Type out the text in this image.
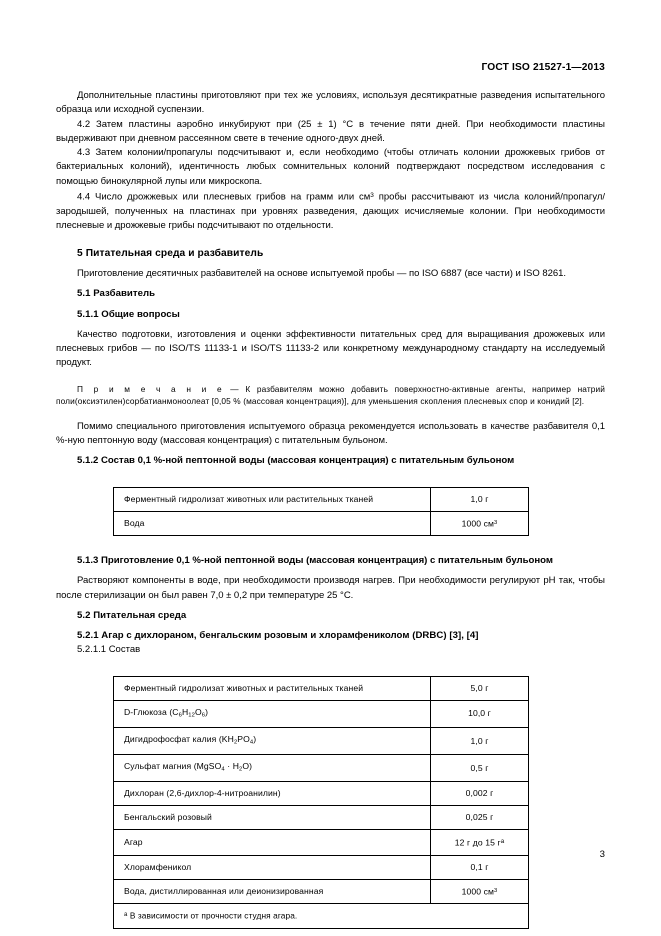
ГОСТ ISO 21527-1—2013

Дополнительные пластины приготовляют при тех же условиях, используя десятикратные разведения испытательного образца или исходной суспензии.

4.2 Затем пластины аэробно инкубируют при (25 ± 1) °C в течение пяти дней. При необходимости пластины выдерживают при дневном рассеянном свете в течение одного-двух дней.

4.3 Затем колонии/пропагулы подсчитывают и, если необходимо (чтобы отличать колонии дрожжевых грибов от бактериальных колоний), идентичность любых сомнительных колоний подтверждают посредством исследования с помощью бинокулярной лупы или микроскопа.

4.4 Число дрожжевых или плесневых грибов на грамм или $см^3$ пробы рассчитывают из числа колоний/пропагул/зародышей, полученных на пластинах при уровнях разведения, дающих исчисляемые колонии. При необходимости плесневые и дрожжевые грибы подсчитывают по отдельности.

5 Питательная среда и разбавитель

Приготовление десятичных разбавителей на основе испытуемой пробы — по ISO 6887 (все части) и ISO 8261.

5.1 Разбавитель
5.1.1 Общие вопросы

Качество подготовки, изготовления и оценки эффективности питательных сред для выращивания дрожжевых или плесневых грибов — по ISO/TS 11133-1 и ISO/TS 11133-2 или конкретному международному стандарту на исследуемый продукт.

П р и м е ч а н и е — К разбавителям можно добавить поверхностно-активные агенты, например натрий поли(оксиэтилен)сорбатианмоноолеат [0,05 % (массовая концентрация)], для уменьшения скопления плесневых спор и конидий [2].

Помимо специального приготовления испытуемого образца рекомендуется использовать в качестве разбавителя 0,1 %-ную пептонную воду (массовая концентрация) с питательным бульоном.

5.1.2 Состав 0,1 %-ной пептонной воды (массовая концентрация) с питательным бульоном
Ферментный гидролизат животных или растительных тканей	1,0 г
Вода	1000 $см^3$
5.1.3 Приготовление 0,1 %-ной пептонной воды (массовая концентрация) с питательным бульоном

Растворяют компоненты в воде, при необходимости производя нагрев. При необходимости регулируют pH так, чтобы после стерилизации он был равен 7,0 ± 0,2 при температуре 25 °C.

5.2 Питательная среда
5.2.1 Агар с дихлораном, бенгальским розовым и хлорамфениколом (DRBC) [3], [4]

5.2.1.1 Состав

Ферментный гидролизат животных и растительных тканей	5,0 г
D-Глюкоза $(C_6H_{12}O_6)$	10,0 г
Дигидрофосфат калия $(KH_2PO_4)$	1,0 г
Сульфат магния (MgSO$_4$ · $H_2O$)	0,5 г
Дихлоран (2,6-дихлор-4-нитроанилин)	0,002 г
Бенгальский розовый	0,025 г
Агар	12 г до 15 г$^а$
Хлорамфеникол	0,1 г
Вода, дистиллированная или деионизированная	1000 $см^3$
$^а$ В зависимости от прочности студня агара.	
3
